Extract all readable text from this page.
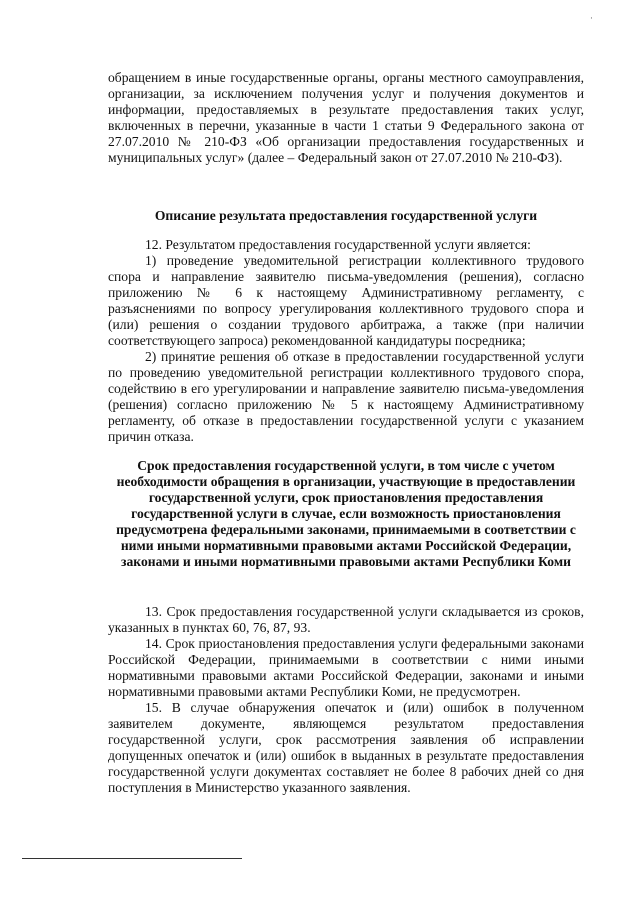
·

обращением в иные государственные органы, органы местного самоуправления, организации, за исключением получения услуг и получения документов и информации, предоставляемых в результате предоставления таких услуг, включенных в перечни, указанные в части 1 статьи 9 Федерального закона от 27.07.2010 № 210-ФЗ «Об организации предоставления государственных и муниципальных услуг» (далее – Федеральный закон от 27.07.2010 № 210-ФЗ).

Описание результата предоставления государственной услуги

12. Результатом предоставления государственной услуги является:

1) проведение уведомительной регистрации коллективного трудового спора и направление заявителю письма-уведомления (решения), согласно приложению № 6 к настоящему Административному регламенту, с разъяснениями по вопросу урегулирования коллективного трудового спора и (или) решения о создании трудового арбитража, а также (при наличии соответствующего запроса) рекомендованной кандидатуры посредника;

2) принятие решения об отказе в предоставлении государственной услуги по проведению уведомительной регистрации коллективного трудового спора, содействию в его урегулировании и направление заявителю письма-уведомления (решения) согласно приложению № 5 к настоящему Административному регламенту, об отказе в предоставлении государственной услуги с указанием причин отказа.

Срок предоставления государственной услуги, в том числе с учетом необходимости обращения в организации, участвующие в предоставлении государственной услуги, срок приостановления предоставления государственной услуги в случае, если возможность приостановления предусмотрена федеральными законами, принимаемыми в соответствии с ними иными нормативными правовыми актами Российской Федерации, законами и иными нормативными правовыми актами Республики Коми

13. Срок предоставления государственной услуги складывается из сроков, указанных в пунктах 60, 76, 87, 93.

14. Срок приостановления предоставления услуги федеральными законами Российской Федерации, принимаемыми в соответствии с ними иными нормативными правовыми актами Российской Федерации, законами и иными нормативными правовыми актами Республики Коми, не предусмотрен.

15. В случае обнаружения опечаток и (или) ошибок в полученном заявителем документе, являющемся результатом предоставления государственной услуги, срок рассмотрения заявления об исправлении допущенных опечаток и (или) ошибок в выданных в результате предоставления государственной услуги документах составляет не более 8 рабочих дней со дня поступления в Министерство указанного заявления.
